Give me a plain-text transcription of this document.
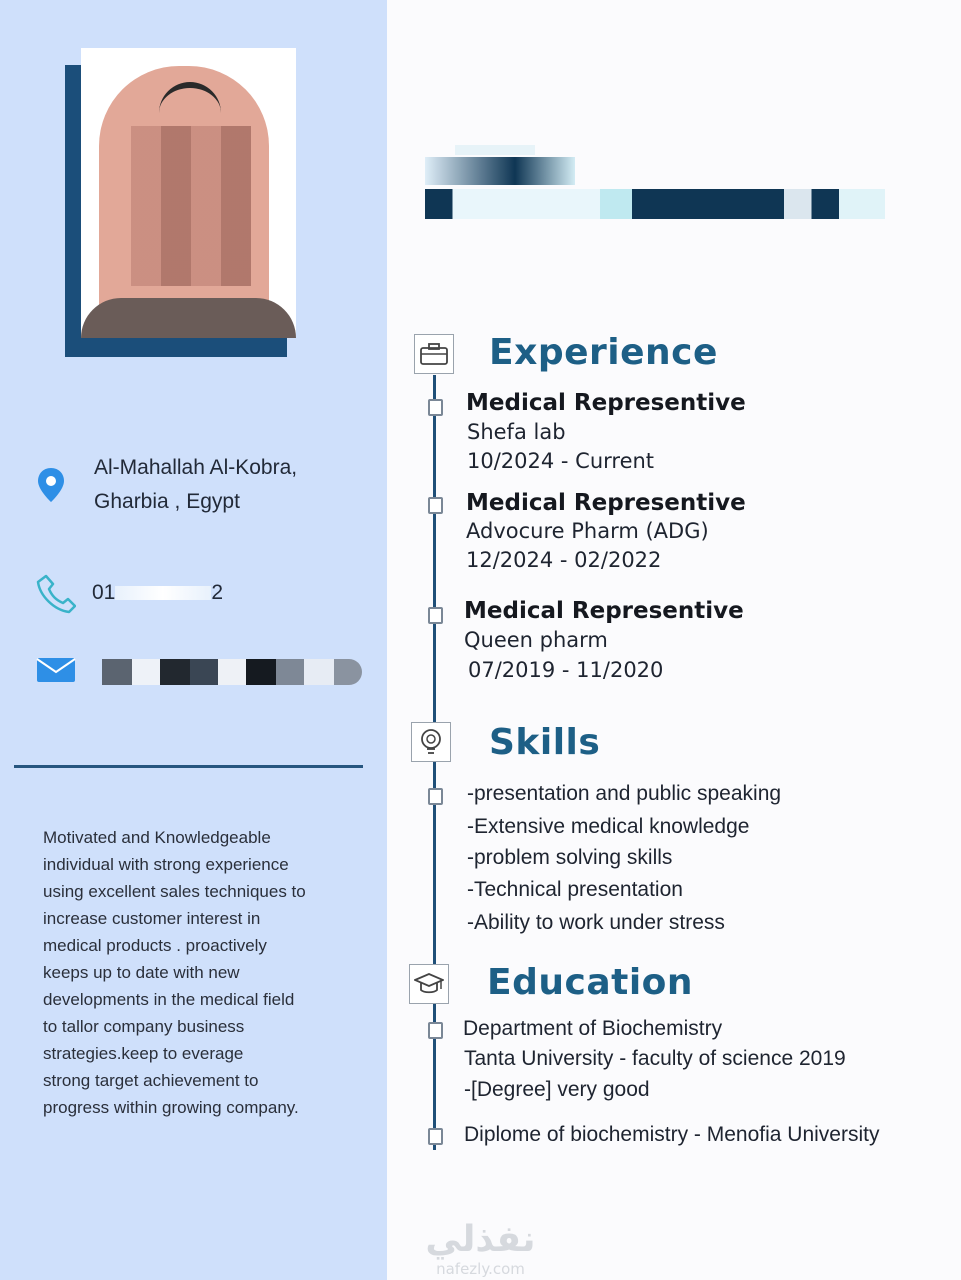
Al-Mahallah Al-Kobra,
Gharbia , Egypt
01	2
Motivated and Knowledgeable
individual with strong experience
using excellent sales techniques to
increase customer interest in
medical products . proactively
keeps up to date with new
developments in the medical field
to tallor company business
strategies.keep to everage
strong target achievement to
progress within growing company.
Experience
Medical Representive
Shefa lab
10/2024 - Current
Medical Representive
Advocure Pharm (ADG)
12/2024 - 02/2022
Medical Representive
Queen pharm
07/2019 - 11/2020
Skills
-presentation and public speaking
-Extensive medical knowledge
-problem solving skills
-Technical presentation
-Ability to work under stress
Education
Department of Biochemistry
Tanta University - faculty of science 2019
-[Degree] very good
Diplome of biochemistry - Menofia University
نفذلي
nafezly.com
